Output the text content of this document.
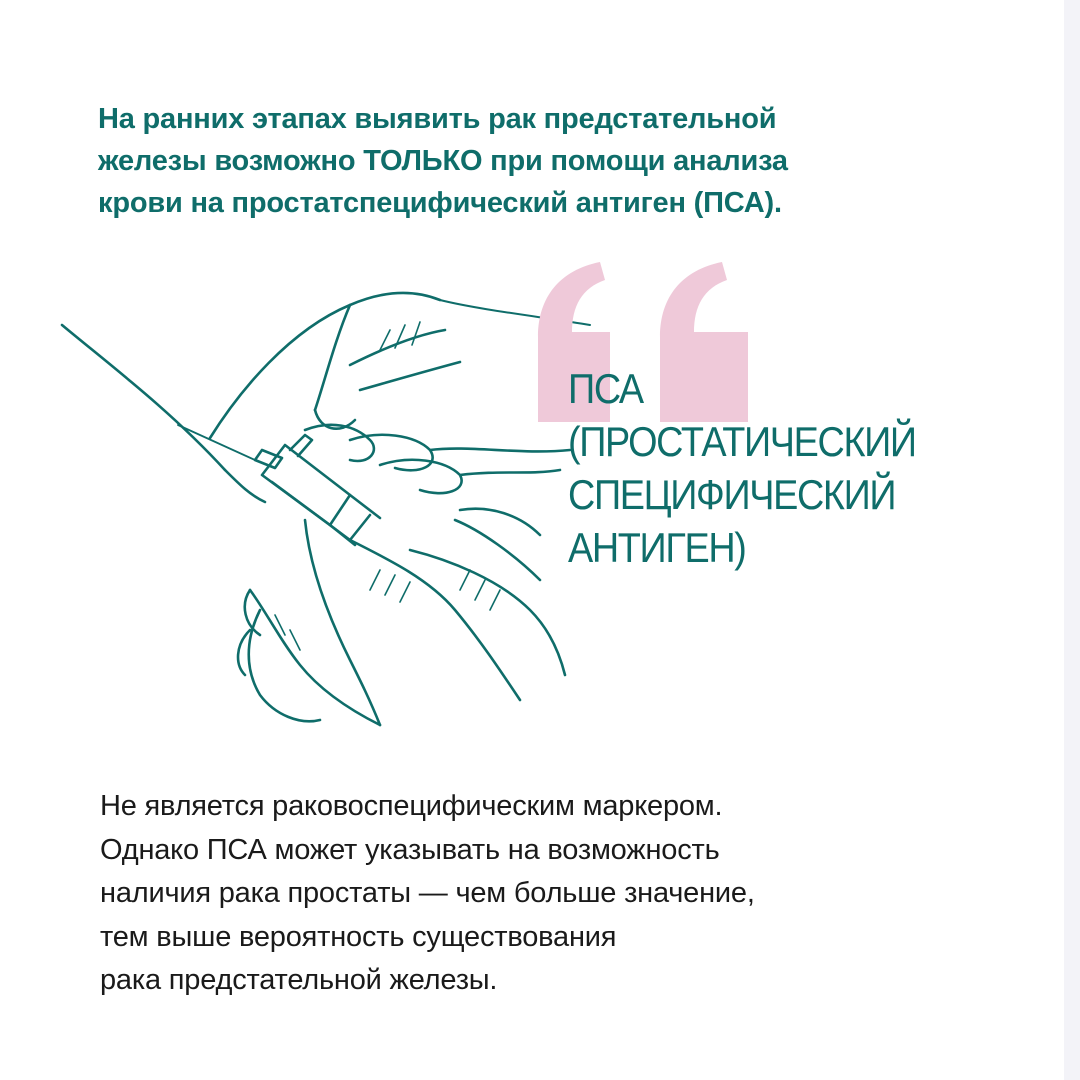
На ранних этапах выявить рак предстательной
железы возможно ТОЛЬКО при помощи анализа
крови на простатспецифический антиген (ПСА).
ПСА
(ПРОСТАТИЧЕСКИЙ
СПЕЦИФИЧЕСКИЙ
АНТИГЕН)
Не является раковоспецифическим маркером.
Однако ПСА может указывать на возможность
наличия рака простаты — чем больше значение,
тем выше вероятность существования
рака предстательной железы.
